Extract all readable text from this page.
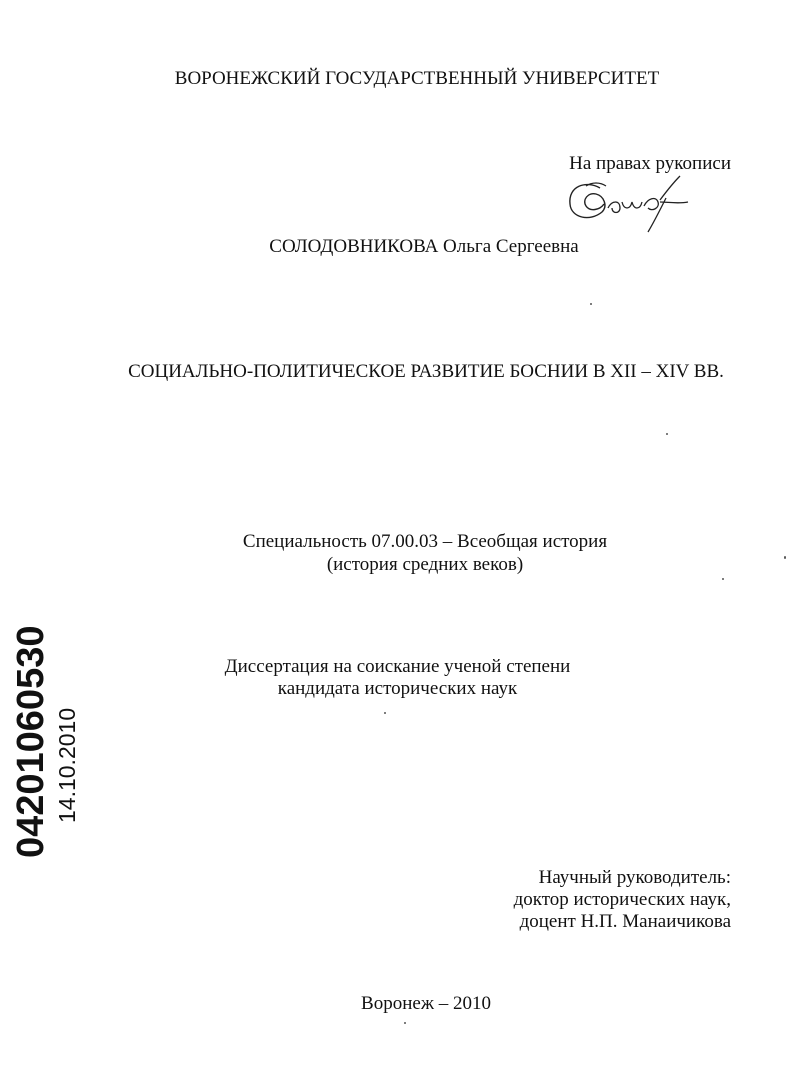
ВОРОНЕЖСКИЙ ГОСУДАРСТВЕННЫЙ УНИВЕРСИТЕТ
На правах рукописи
СОЛОДОВНИКОВА Ольга Сергеевна
СОЦИАЛЬНО-ПОЛИТИЧЕСКОЕ РАЗВИТИЕ БОСНИИ В XII – XIV ВВ.
Специальность 07.00.03 – Всеобщая история
(история средних веков)
Диссертация на соискание ученой степени
кандидата исторических наук
Научный руководитель:
доктор исторических наук,
доцент Н.П. Манаичикова
Воронеж – 2010
04201060530 14.10.2010
